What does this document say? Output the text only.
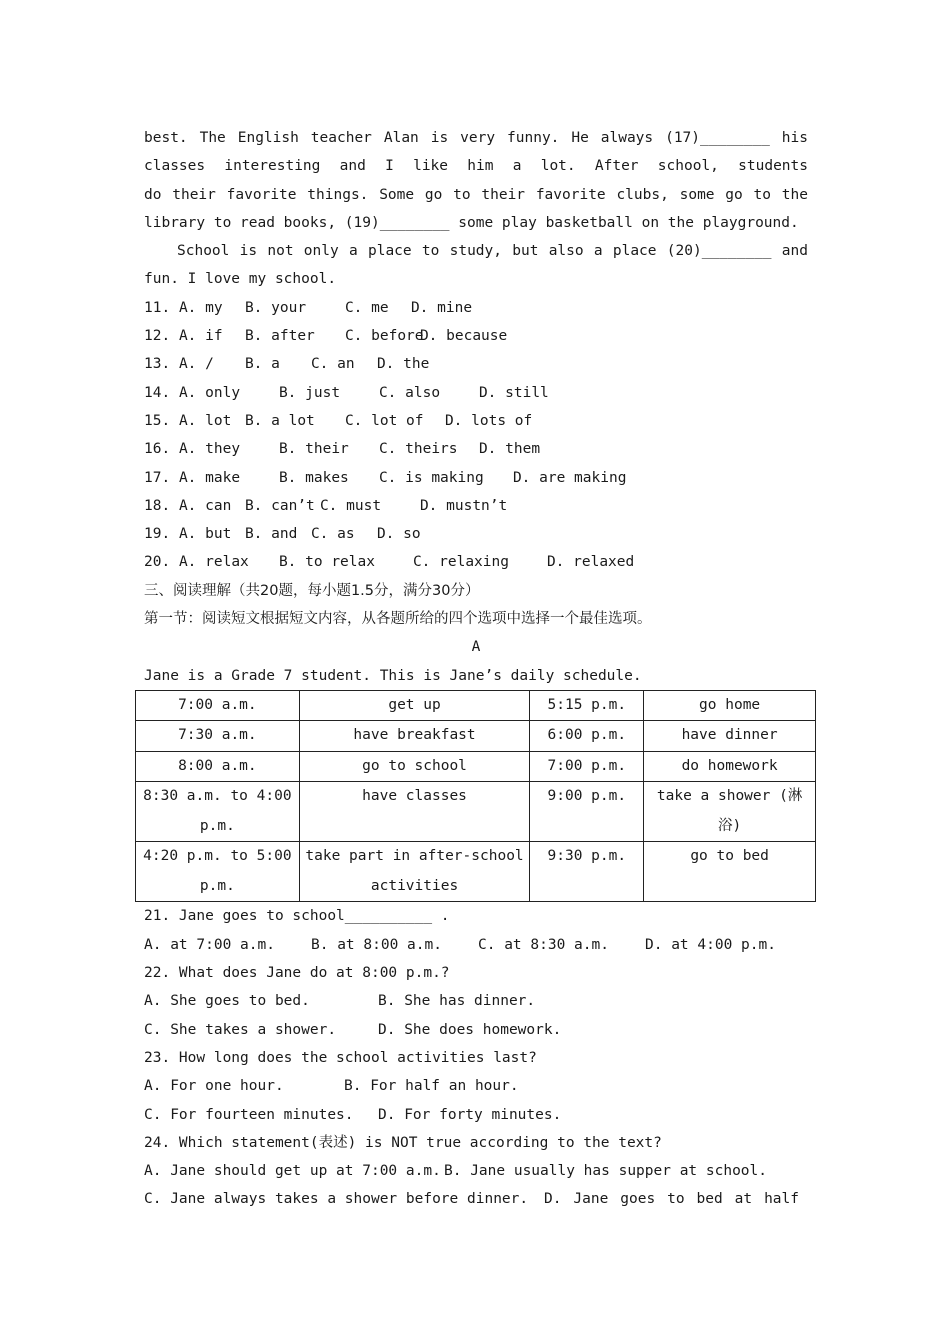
best. The English teacher Alan is very funny. He always (17)________ his
classes interesting and I like him a lot. After school, students
do their favorite things. Some go to their favorite clubs, some go to the
library to read books, (19)________ some play basketball on the playground.
School is not only a place to study, but also a place (20)________ and
fun. I love my school.
11. A. my B. your	C. me D. mine
12. A. if B. after C. beforeD. because
13. A. / B. a C. an D. the
14. A. only	B. just	C. also	D. still
15. A. lot B. a lot C. lot of D. lots of
16. A. they	B. their C. theirs D. them
17. A. make	B. makes C. is making D. are making
18. A. can B. can’t C. must	D. mustn’t
19. A. but B. and C. as D. so
20. A. relax B. to relax	C. relaxing	D. relaxed
三、阅读理解（共20题，每小题1.5分，满分30分）
第一节：阅读短文根据短文内容，从各题所给的四个选项中选择一个最佳选项。
A
Jane is a Grade 7 student. This is Jane’s daily schedule.
7:00 a.m.	get up	5:15 p.m.	go home
7:30 a.m.	have breakfast	6:00 p.m.	have dinner
8:00 a.m.	go to school	7:00 p.m.	do homework
8:30 a.m. to 4:00 p.m.	have classes	9:00 p.m.	take a shower (淋浴)
4:20 p.m. to 5:00 p.m.	take part in after-school activities	9:30 p.m.	go to bed
21. Jane goes to school__________ .
A. at 7:00 a.m. B. at 8:00 a.m. C. at 8:30 a.m. D. at 4:00 p.m.
22. What does Jane do at 8:00 p.m.?
A. She goes to bed.	B. She has dinner.
C. She takes a shower.	D. She does homework.
23. How long does the school activities last?
A. For one hour.	B. For half an hour.
C. For fourteen minutes. D. For forty minutes.
24. Which statement(表述) is NOT true according to the text?
A. Jane should get up at 7:00 a.m. B. Jane usually has supper at school.
C. Jane always takes a shower before dinner. D. Jane goes to bed at half
